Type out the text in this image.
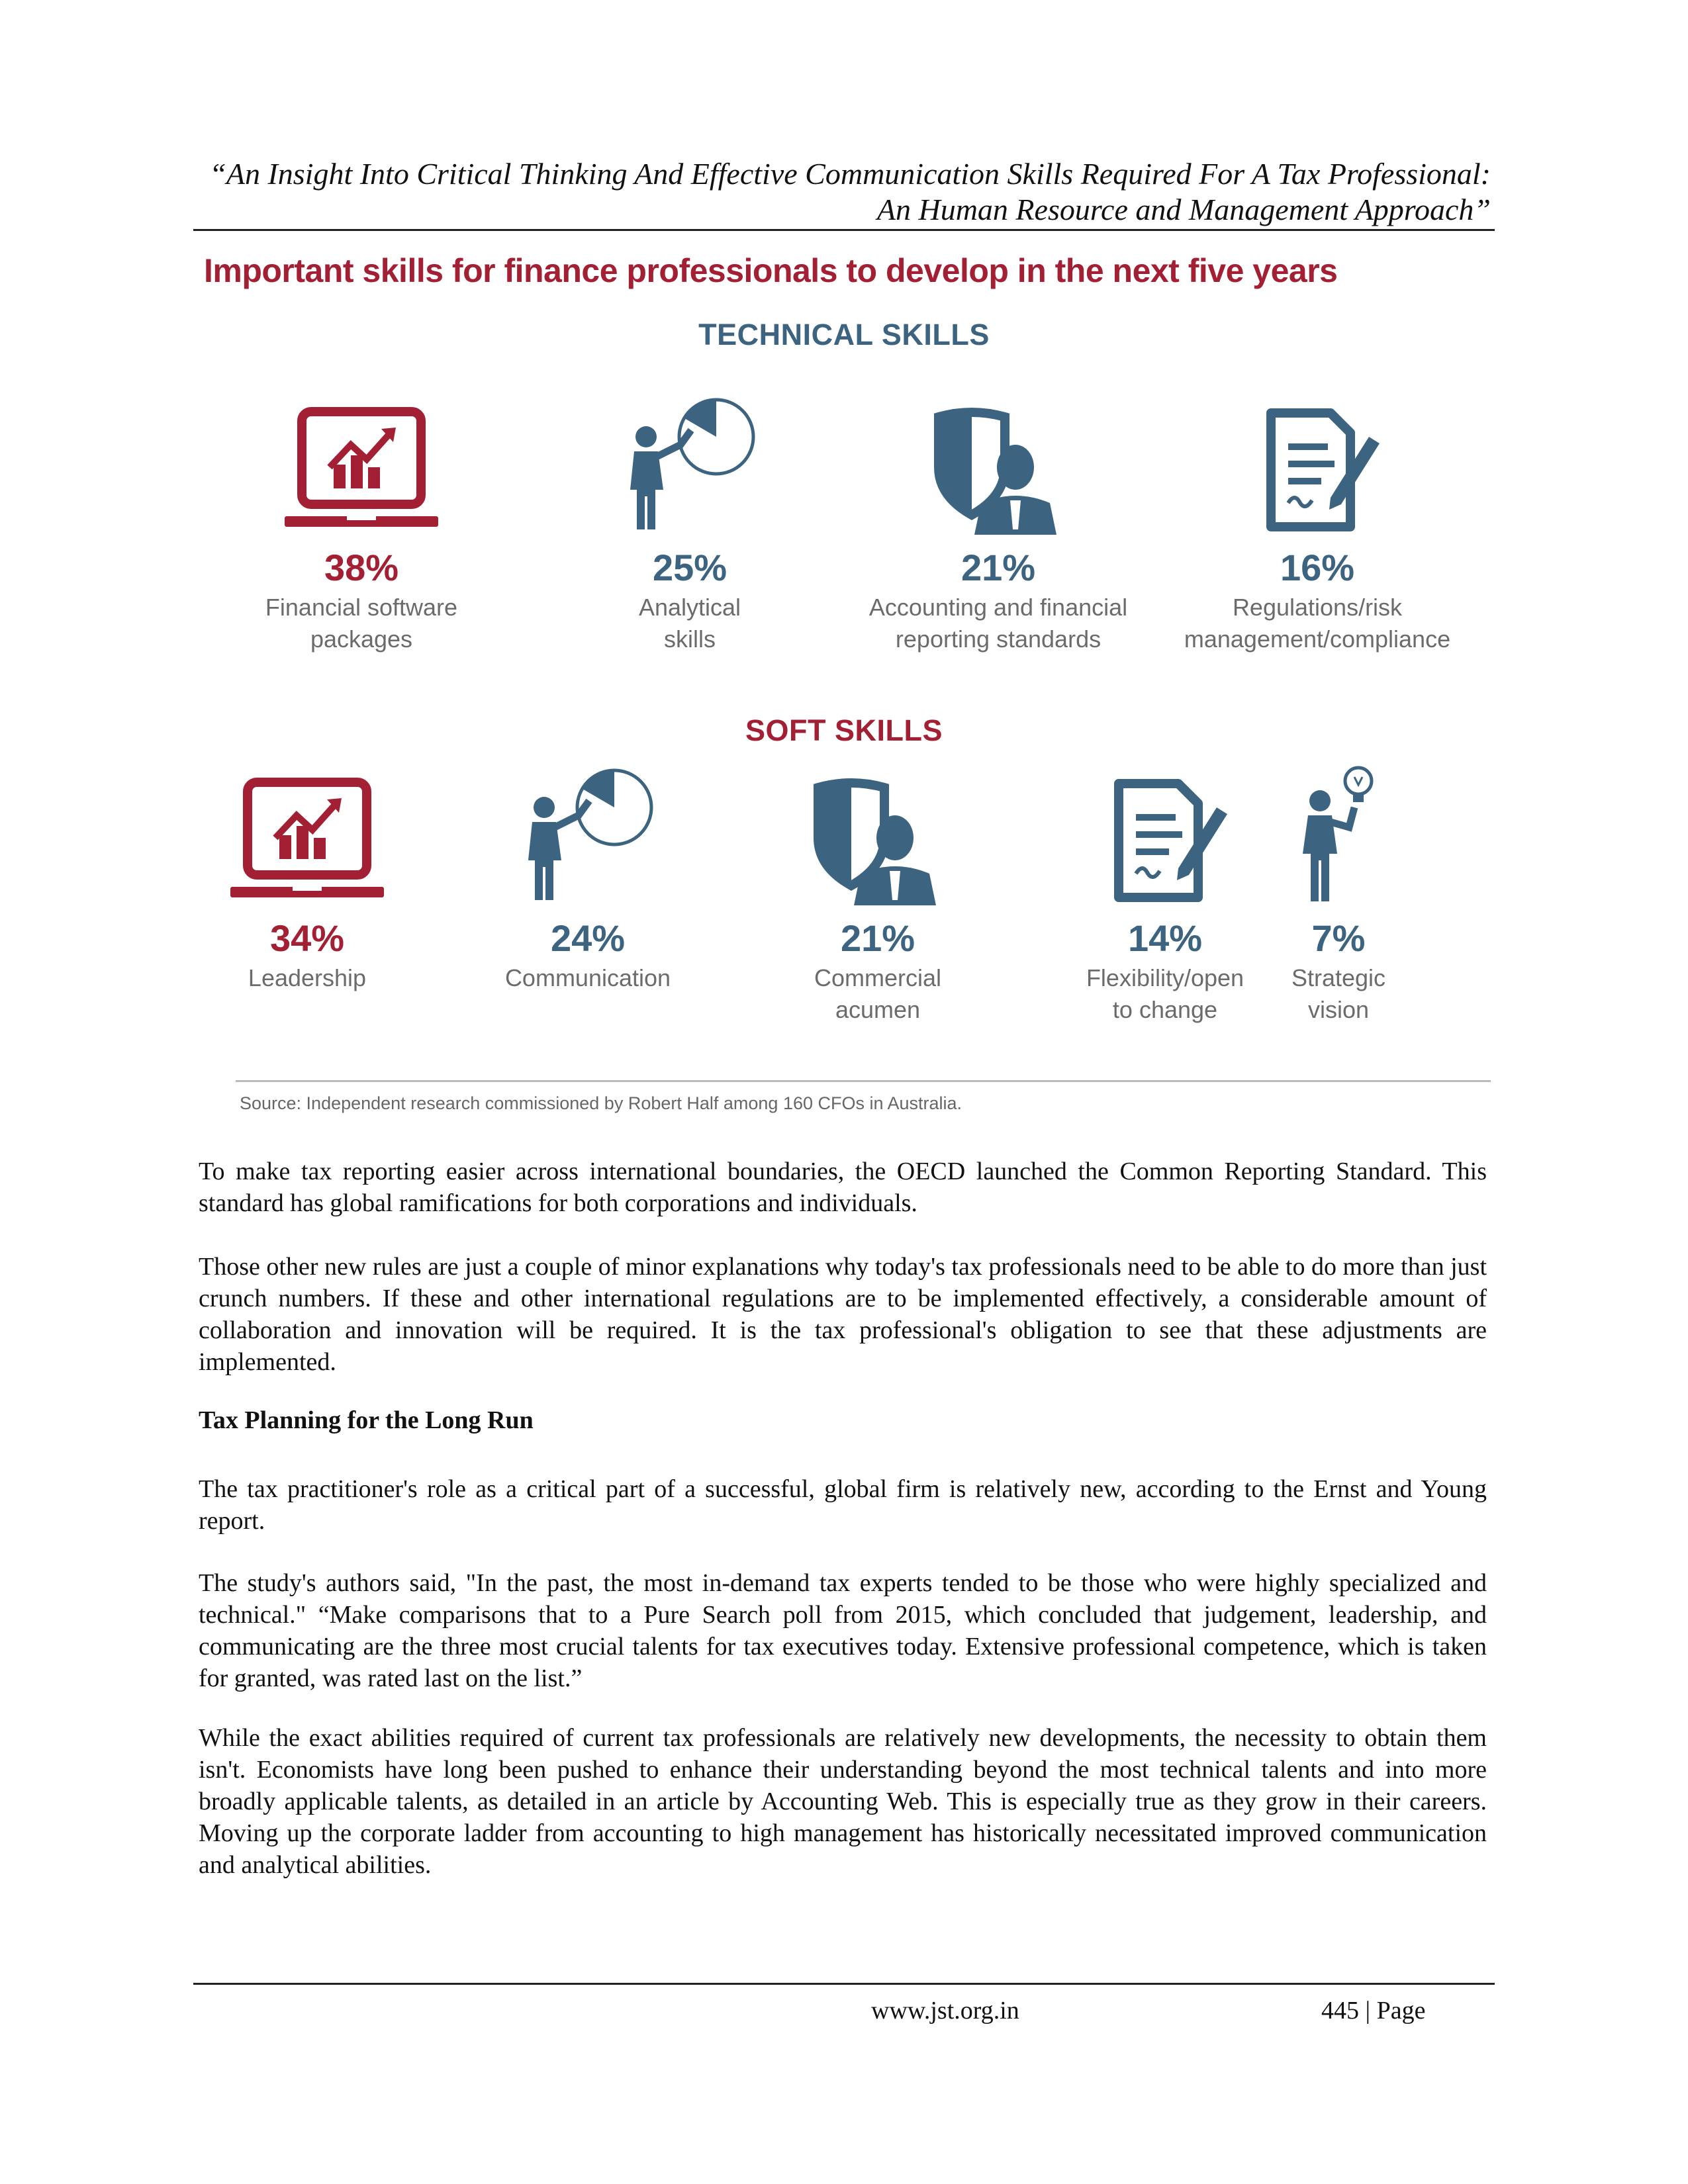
“An Insight Into Critical Thinking And Effective Communication Skills Required For A Tax Professional:
An Human Resource and Management Approach”
Important skills for finance professionals to develop in the next five years
TECHNICAL SKILLS
38%
Financial software
packages
25%
Analytical
skills
21%
Accounting and financial
reporting standards
16%
Regulations/risk
management/compliance
SOFT SKILLS
34%
Leadership
24%
Communication
21%
Commercial
acumen
14%
Flexibility/open
to change
7%
Strategic
vision
Source: Independent research commissioned by Robert Half among 160 CFOs in Australia.

To make tax reporting easier across international boundaries, the OECD launched the Common Reporting Standard. This standard has global ramifications for both corporations and individuals.

Those other new rules are just a couple of minor explanations why today's tax professionals need to be able to do more than just crunch numbers. If these and other international regulations are to be implemented effectively, a considerable amount of collaboration and innovation will be required. It is the tax professional's obligation to see that these adjustments are implemented.

Tax Planning for the Long Run

The tax practitioner's role as a critical part of a successful, global firm is relatively new, according to the Ernst and Young report.

The study's authors said, "In the past, the most in-demand tax experts tended to be those who were highly specialized and technical." “Make comparisons that to a Pure Search poll from 2015, which concluded that judgement, leadership, and communicating are the three most crucial talents for tax executives today. Extensive professional competence, which is taken for granted, was rated last on the list.”

While the exact abilities required of current tax professionals are relatively new developments, the necessity to obtain them isn't. Economists have long been pushed to enhance their understanding beyond the most technical talents and into more broadly applicable talents, as detailed in an article by Accounting Web. This is especially true as they grow in their careers. Moving up the corporate ladder from accounting to high management has historically necessitated improved communication and analytical abilities.

www.jst.org.in	445 | Page
